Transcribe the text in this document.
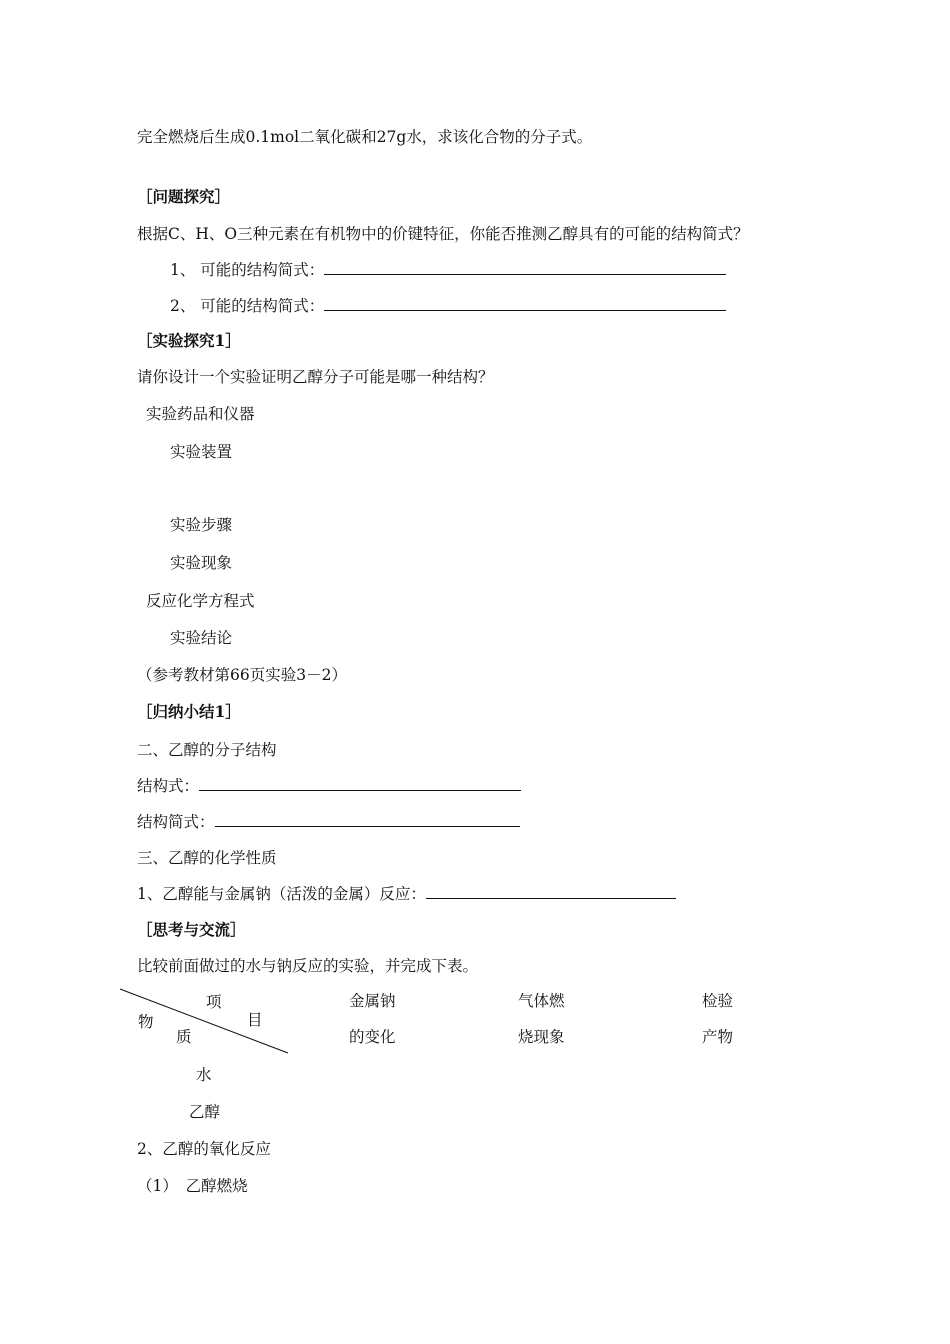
完全燃烧后生成0.1mol二氧化碳和27g水，求该化合物的分子式。
［问题探究］
根据C、H、O三种元素在有机物中的价键特征，你能否推测乙醇具有的可能的结构简式？
1、 可能的结构简式：
2、 可能的结构简式：
［实验探究1］
请你设计一个实验证明乙醇分子可能是哪一种结构？
实验药品和仪器
实验装置
实验步骤
实验现象
反应化学方程式
实验结论
（参考教材第66页实验3－2）
［归纳小结1］
二、乙醇的分子结构
结构式：
结构简式：
三、乙醇的化学性质
1、乙醇能与金属钠（活泼的金属）反应：
［思考与交流］
比较前面做过的水与钠反应的实验，并完成下表。
项
目
物
质
金属钠
的变化
气体燃
烧现象
检验
产物
水
乙醇
2、乙醇的氧化反应
（1）　乙醇燃烧
